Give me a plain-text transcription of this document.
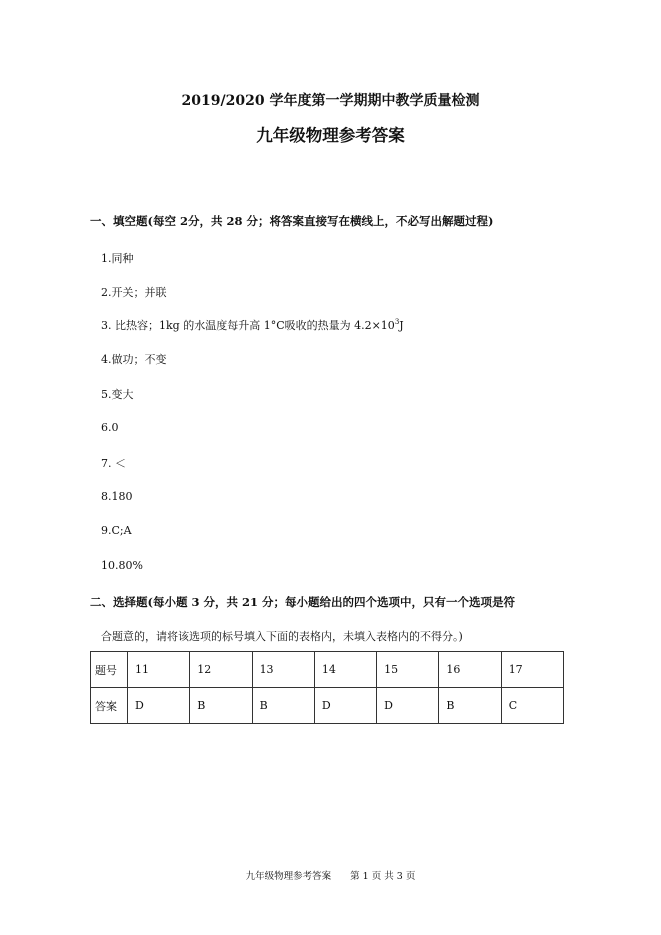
2019/2020 学年度第一学期期中教学质量检测
九年级物理参考答案
一、填空题(每空 2分，共 28 分；将答案直接写在横线上，不必写出解题过程)
1.同种
2.开关；并联
3. 比热容；1kg 的水温度每升高 1°C吸收的热量为 $4.2\times 10^3J$
4.做功；不变
5.变大
6.0
7. ＜
8.180
9.C;A
10.80%
二、选择题(每小题 3 分，共 21 分；每小题给出的四个选项中，只有一个选项是符
合题意的，请将该选项的标号填入下面的表格内，未填入表格内的不得分。)
题号	11	12	13	14	15	16	17
答案	D	B	B	D	D	B	C
九年级物理参考答案　　第 1 页 共 3 页
